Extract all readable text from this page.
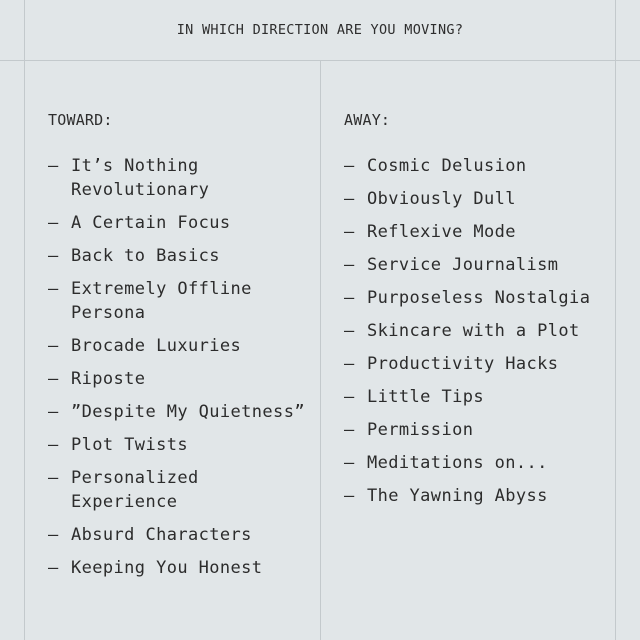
IN WHICH DIRECTION ARE YOU MOVING?
TOWARD:
– It’s Nothing Revolutionary
– A Certain Focus
– Back to Basics
– Extremely Offline Persona
– Brocade Luxuries
– Riposte
– ”Despite My Quietness”
– Plot Twists
– Personalized Experience
– Absurd Characters
– Keeping You Honest
AWAY:
– Cosmic Delusion
– Obviously Dull
– Reflexive Mode
– Service Journalism
– Purposeless Nostalgia
– Skincare with a Plot
– Productivity Hacks
– Little Tips
– Permission
– Meditations on...
– The Yawning Abyss
